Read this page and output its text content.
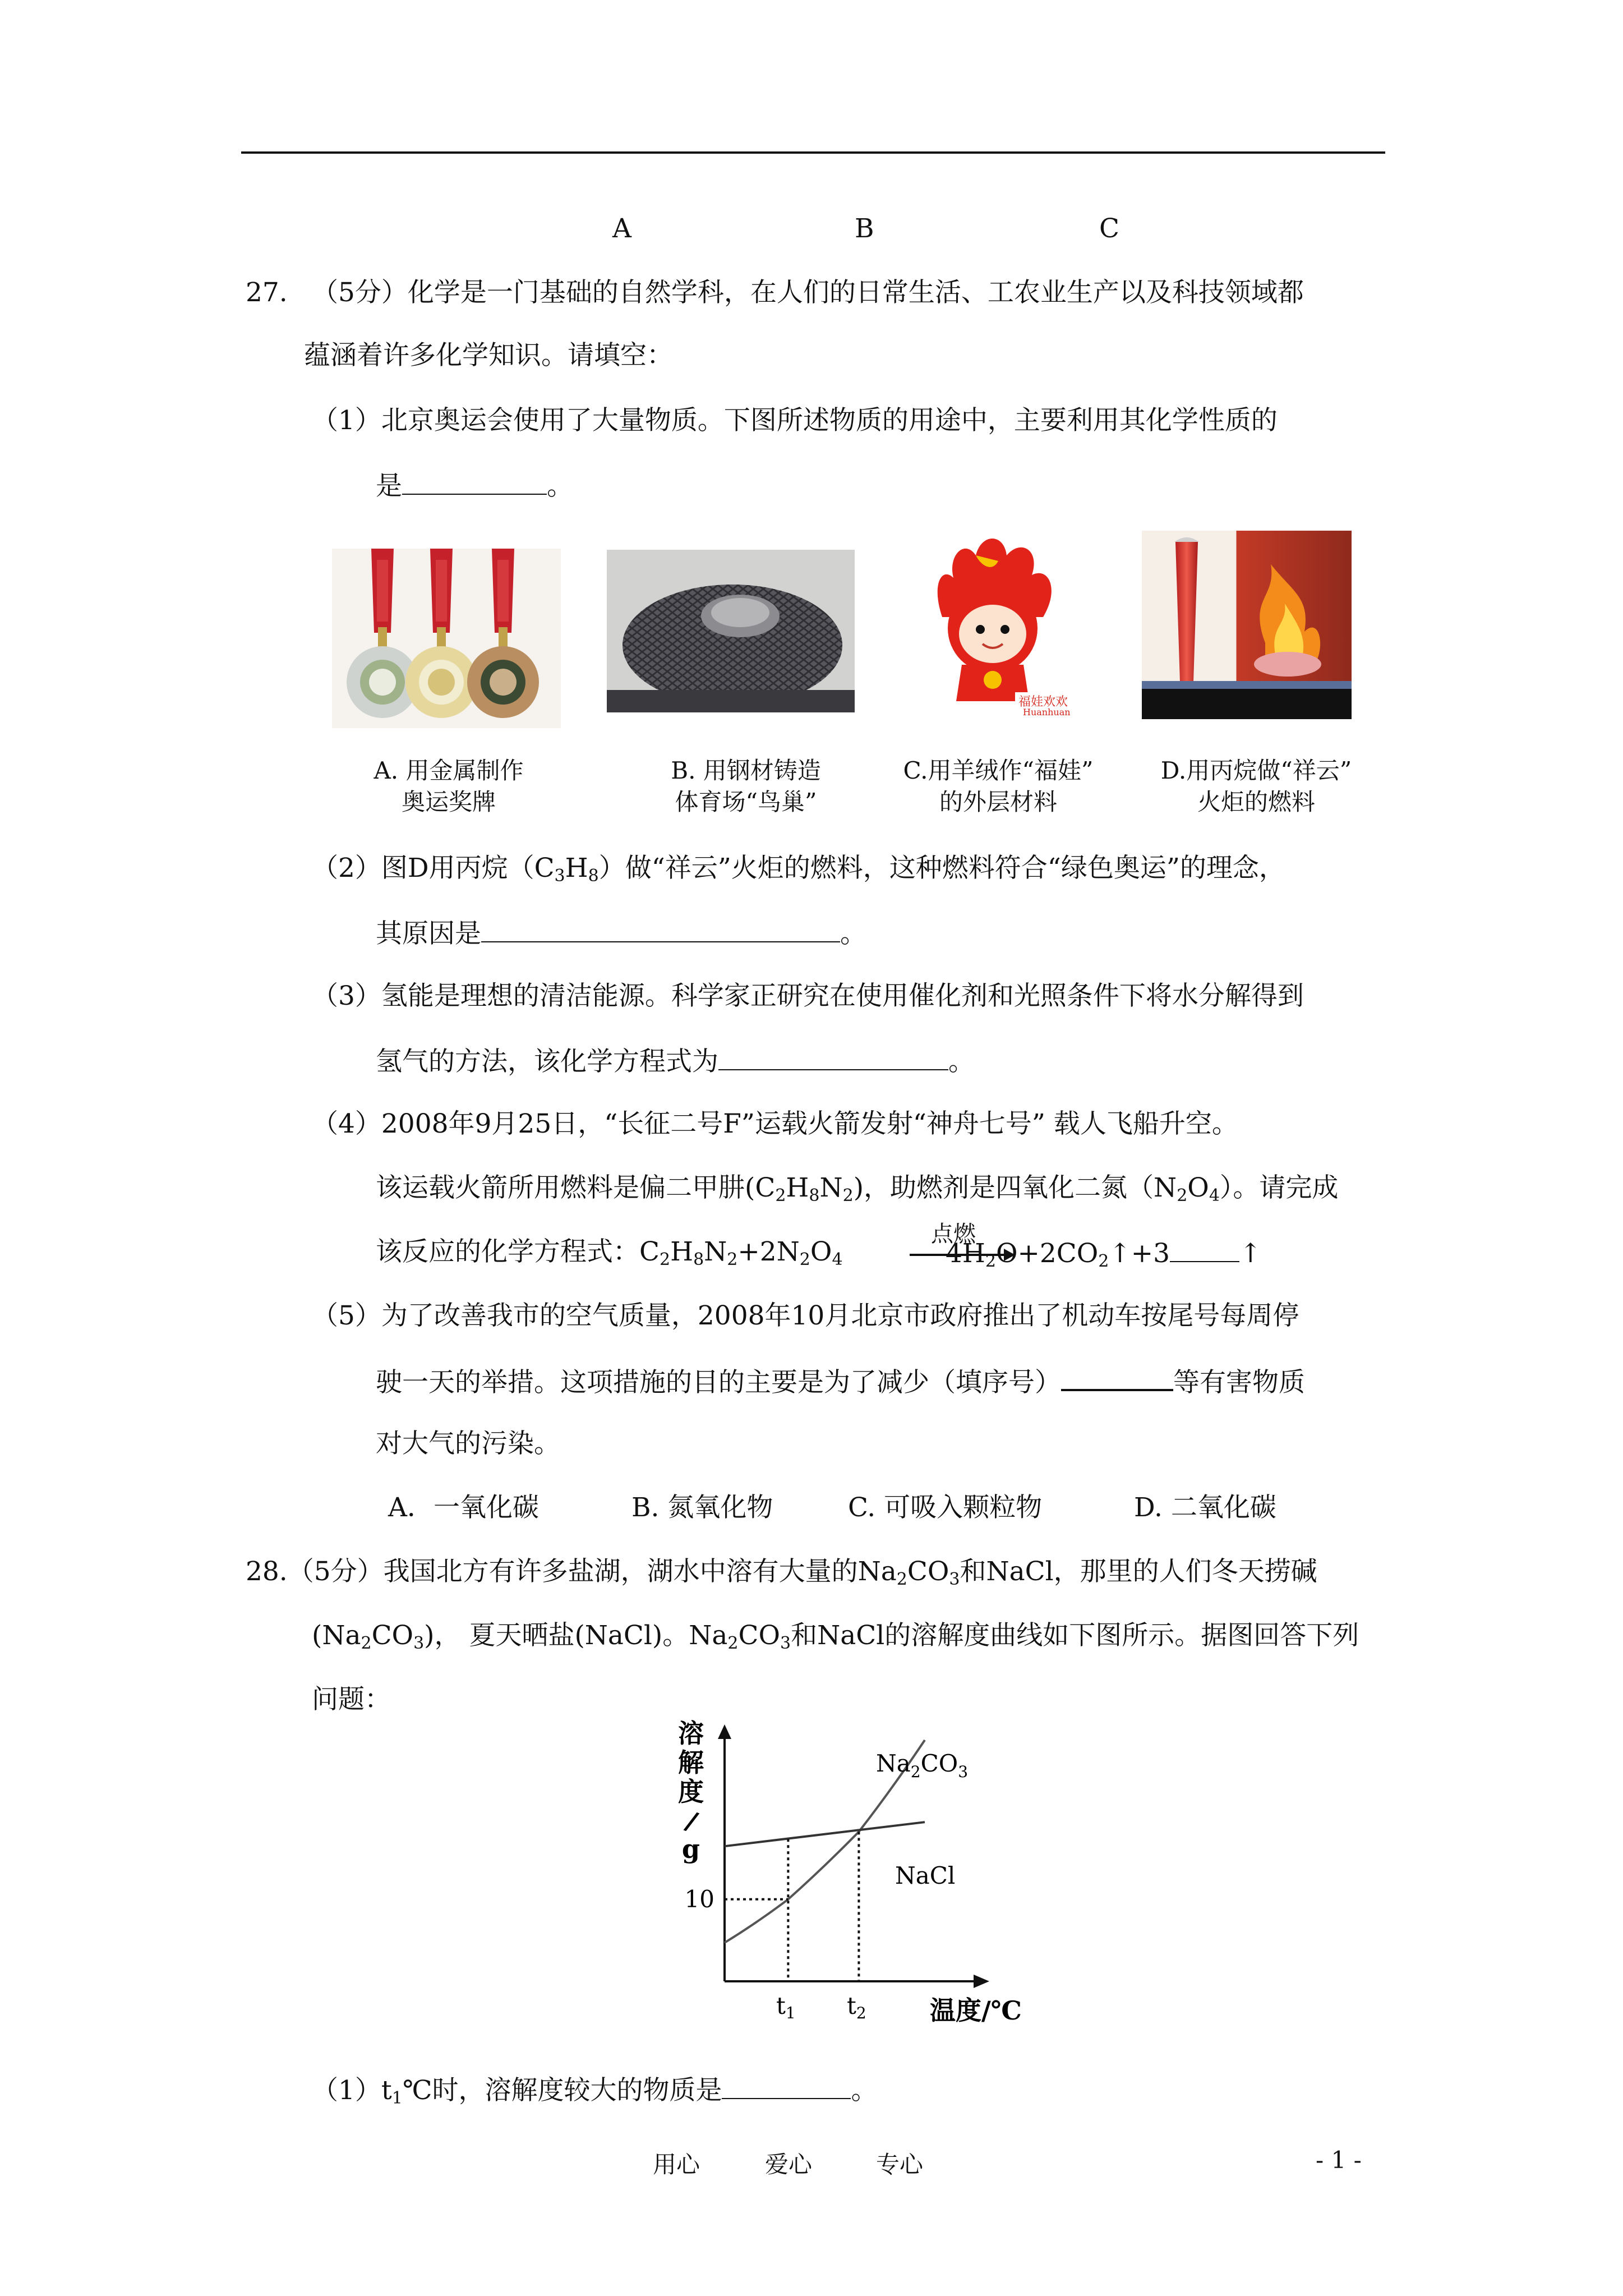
A	B	C
27. （5分）化学是一门基础的自然学科，在人们的日常生活、工农业生产以及科技领域都
蕴涵着许多化学知识。请填空：
（1）北京奥运会使用了大量物质。下图所述物质的用途中，主要利用其化学性质的
是	。
福娃欢欢
Huanhuan
A. 用金属制作
奥运奖牌
B. 用钢材铸造
体育场“鸟巢”
C.用羊绒作“福娃”
的外层材料
D.用丙烷做“祥云”
火炬的燃料
（2）图D用丙烷$(C_3H_8)$做“祥云”火炬的燃料，这种燃料符合“绿色奥运”的理念，
其原因是	。
（3）氢能是理想的清洁能源。科学家正研究在使用催化剂和光照条件下将水分解得到
氢气的方法，该化学方程式为	。
（4）2008年9月25日，“长征二号F”运载火箭发射“神舟七号” 载人飞船升空。
该运载火箭所用燃料是偏二甲肼$(C_2H_8N_2)$，助燃剂是四氧化二氮$(N_2O_4)$。请完成
该反应的化学方程式：$C_2H_8N_2+2N_2O_4$
点燃
$4H_2O+2CO_2↑+3$	↑
（5）为了改善我市的空气质量，2008年10月北京市政府推出了机动车按尾号每周停
驶一天的举措。这项措施的目的主要是为了减少（填序号）	等有害物质
对大气的污染。
A．一氧化碳	B. 氮氧化物	C. 可吸入颗粒物	D. 二氧化碳
28.（5分）我国北方有许多盐湖，湖水中溶有大量的$Na_2CO_3$和NaCl，那里的人们冬天捞碱
$(Na_2CO_3)$， 夏天晒盐(NaCl)。$Na_2CO_3$和NaCl的溶解度曲线如下图所示。据图回答下列
问题：
溶
解
度
/
g
10
t1 t2 温度/℃
$Na_2CO_3$
NaCl
$(1)t_1℃$时，溶解度较大的物质是	。
用心	爱心	专心	- 1 -
